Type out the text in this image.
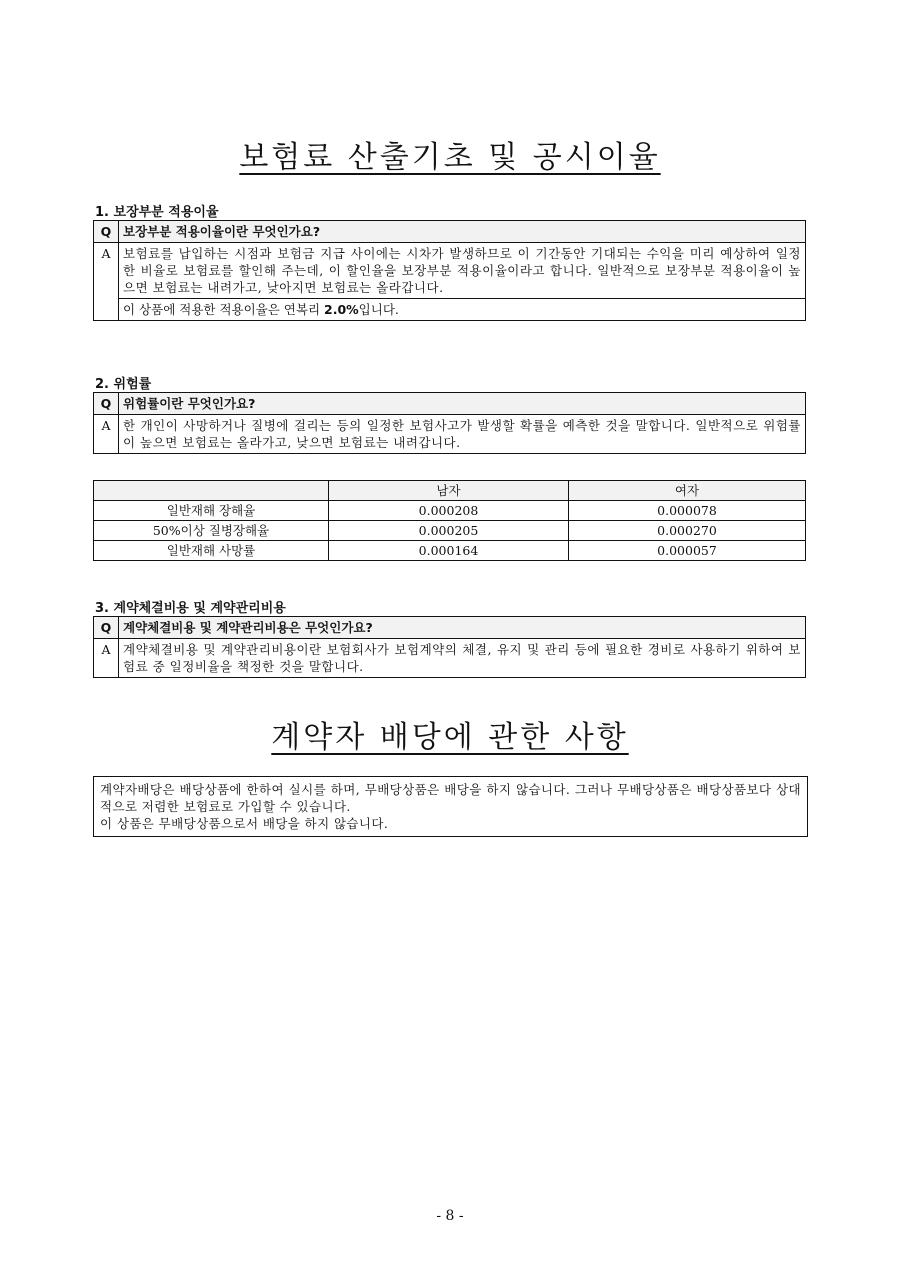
보험료 산출기초 및 공시이율
1. 보장부분 적용이율
Q	보장부분 적용이율이란 무엇인가요?
A	보험료를 납입하는 시점과 보험금 지급 사이에는 시차가 발생하므로 이 기간동안 기대되는 수익을 미리 예상하여 일정한 비율로 보험료를 할인해 주는데, 이 할인율을 보장부분 적용이율이라고 합니다. 일반적으로 보장부분 적용이율이 높으면 보험료는 내려가고, 낮아지면 보험료는 올라갑니다.
	이 상품에 적용한 적용이율은 연복리 2.0%입니다.
2. 위험률
Q	위험률이란 무엇인가요?
A	한 개인이 사망하거나 질병에 걸리는 등의 일정한 보험사고가 발생할 확률을 예측한 것을 말합니다. 일반적으로 위험률이 높으면 보험료는 올라가고, 낮으면 보험료는 내려갑니다.
	남자	여자
일반재해 장해율	0.000208	0.000078
50%이상 질병장해율	0.000205	0.000270
일반재해 사망률	0.000164	0.000057
3. 계약체결비용 및 계약관리비용
Q	계약체결비용 및 계약관리비용은 무엇인가요?
A	계약체결비용 및 계약관리비용이란 보험회사가 보험계약의 체결, 유지 및 관리 등에 필요한 경비로 사용하기 위하여 보험료 중 일정비율을 책정한 것을 말합니다.
계약자 배당에 관한 사항
계약자배당은 배당상품에 한하여 실시를 하며, 무배당상품은 배당을 하지 않습니다. 그러나 무배당상품은 배당상품보다 상대적으로 저렴한 보험료로 가입할 수 있습니다.
이 상품은 무배당상품으로서 배당을 하지 않습니다.
- 8 -
